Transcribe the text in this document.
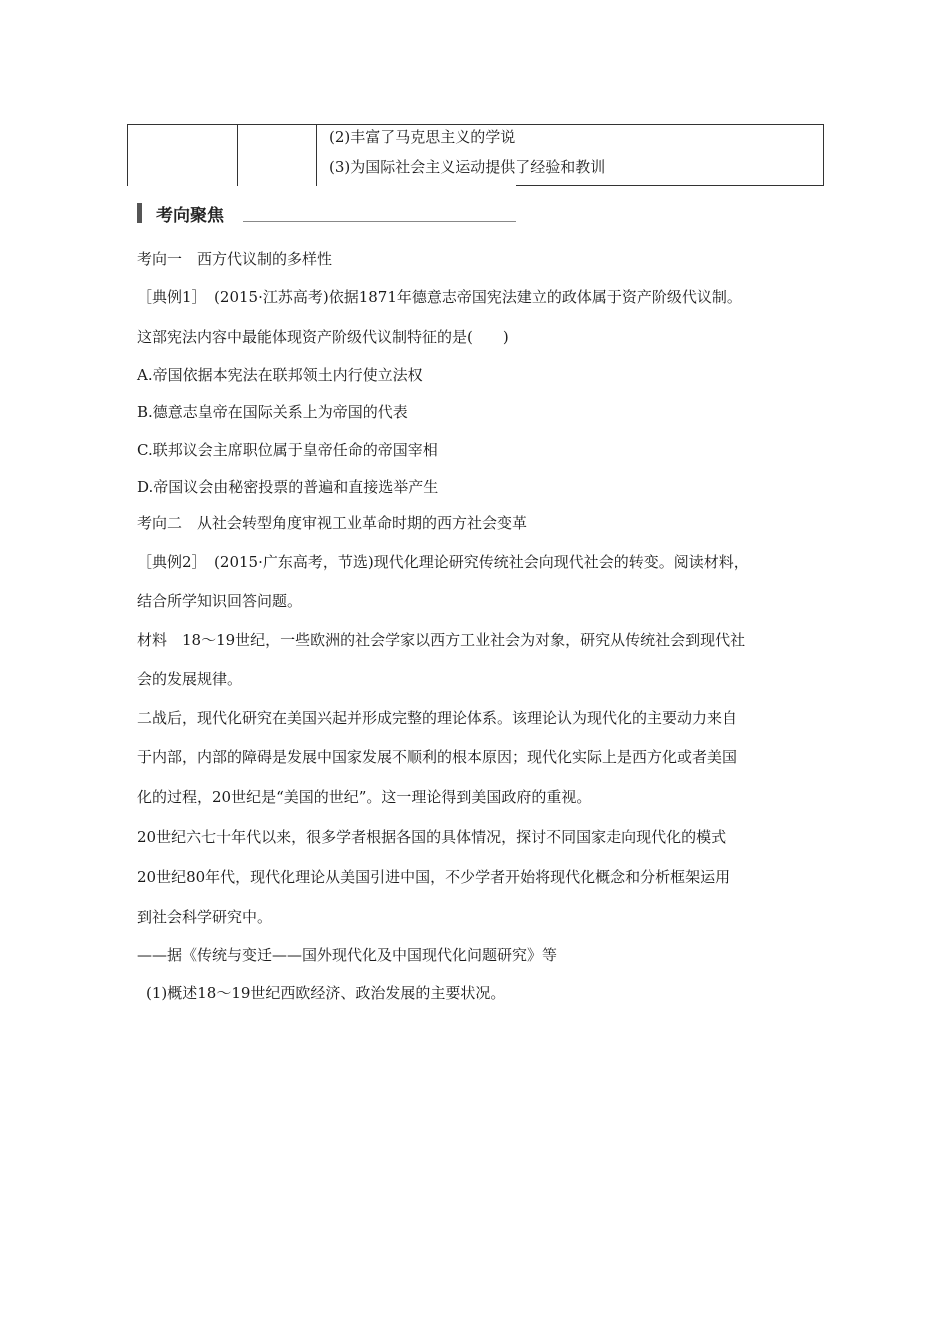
(2)丰富了马克思主义的学说
(3)为国际社会主义运动提供了经验和教训
考向聚焦
考向一　西方代议制的多样性
［典例1］　(2015·江苏高考)依据1871年德意志帝国宪法建立的政体属于资产阶级代议制。
这部宪法内容中最能体现资产阶级代议制特征的是(　　)
A.帝国依据本宪法在联邦领土内行使立法权
B.德意志皇帝在国际关系上为帝国的代表
C.联邦议会主席职位属于皇帝任命的帝国宰相
D.帝国议会由秘密投票的普遍和直接选举产生
考向二　从社会转型角度审视工业革命时期的西方社会变革
［典例2］　(2015·广东高考，节选)现代化理论研究传统社会向现代社会的转变。阅读材料，
结合所学知识回答问题。
材料　18～19世纪，一些欧洲的社会学家以西方工业社会为对象，研究从传统社会到现代社
会的发展规律。
二战后，现代化研究在美国兴起并形成完整的理论体系。该理论认为现代化的主要动力来自
于内部，内部的障碍是发展中国家发展不顺利的根本原因；现代化实际上是西方化或者美国
化的过程，20世纪是“美国的世纪”。这一理论得到美国政府的重视。
20世纪六七十年代以来，很多学者根据各国的具体情况，探讨不同国家走向现代化的模式
20世纪80年代，现代化理论从美国引进中国，不少学者开始将现代化概念和分析框架运用
到社会科学研究中。
——据《传统与变迁——国外现代化及中国现代化问题研究》等
(1)概述18～19世纪西欧经济、政治发展的主要状况。
